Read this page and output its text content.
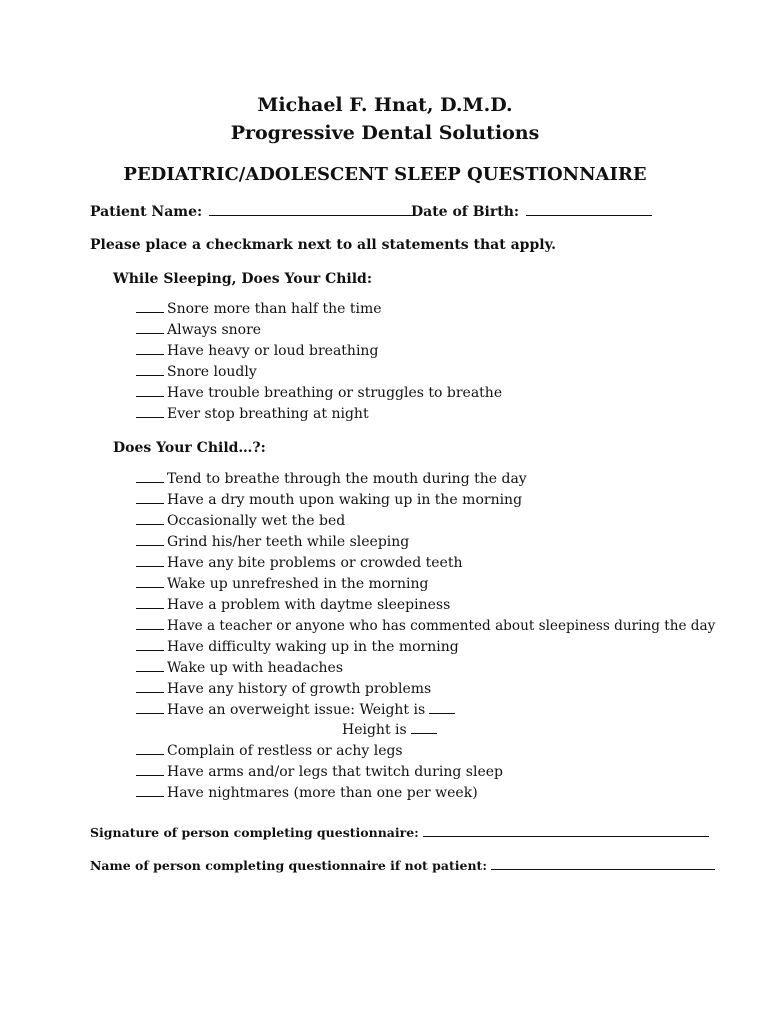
Michael F. Hnat, D.M.D.
Progressive Dental Solutions
PEDIATRIC/ADOLESCENT SLEEP QUESTIONNAIRE
Patient Name:	Date of Birth:
Please place a checkmark next to all statements that apply.
While Sleeping, Does Your Child:
Snore more than half the time
Always snore
Have heavy or loud breathing
Snore loudly
Have trouble breathing or struggles to breathe
Ever stop breathing at night
Does Your Child…?:
Tend to breathe through the mouth during the day
Have a dry mouth upon waking up in the morning
Occasionally wet the bed
Grind his/her teeth while sleeping
Have any bite problems or crowded teeth
Wake up unrefreshed in the morning
Have a problem with daytme sleepiness
Have a teacher or anyone who has commented about sleepiness during the day
Have difficulty waking up in the morning
Wake up with headaches
Have any history of growth problems
Have an overweight issue: Weight is
Height is
Complain of restless or achy legs
Have arms and/or legs that twitch during sleep
Have nightmares (more than one per week)
Signature of person completing questionnaire:
Name of person completing questionnaire if not patient:
